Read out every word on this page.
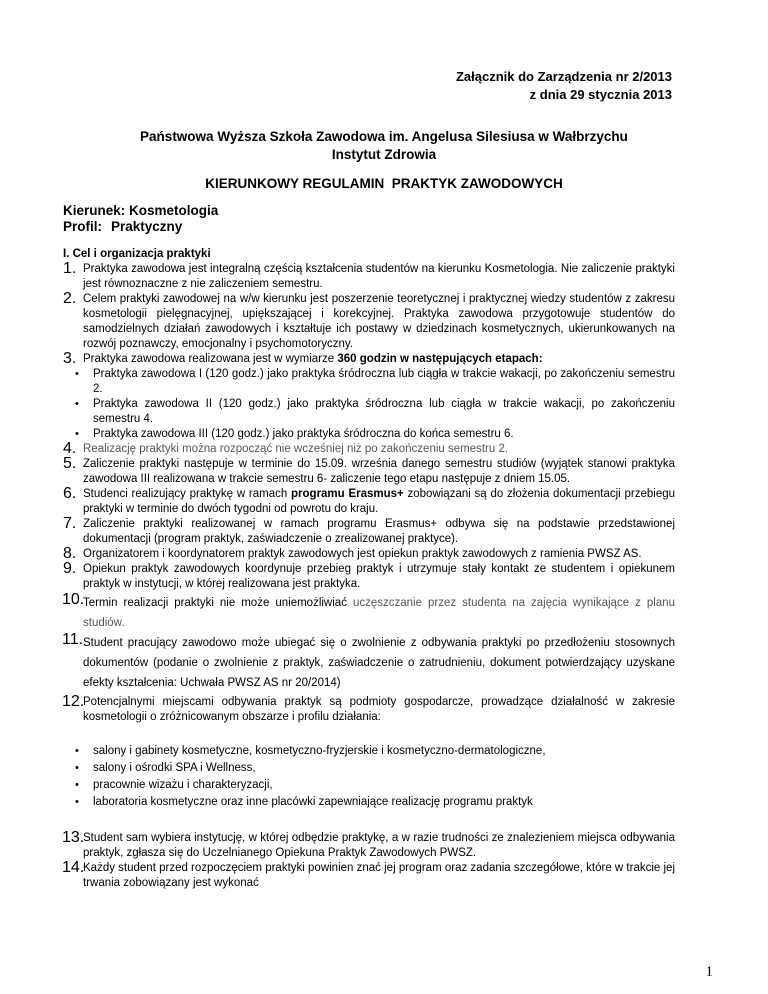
Załącznik do Zarządzenia nr 2/2013
z dnia 29 stycznia 2013
Państwowa Wyższa Szkoła Zawodowa im. Angelusa Silesiusa w Wałbrzychu
Instytut Zdrowia
KIERUNKOWY REGULAMIN  PRAKTYK ZAWODOWYCH
Kierunek: Kosmetologia
Profil: Praktyczny
I. Cel i organizacja praktyki
1. Praktyka zawodowa jest integralną częścią kształcenia studentów na kierunku Kosmetologia. Nie zaliczenie praktyki jest równoznaczne z nie zaliczeniem semestru.
2. Celem praktyki zawodowej na w/w kierunku jest poszerzenie teoretycznej i praktycznej wiedzy studentów z zakresu kosmetologii pielęgnacyjnej, upiększającej i korekcyjnej. Praktyka zawodowa przygotowuje studentów do samodzielnych działań zawodowych i kształtuje ich postawy w dziedzinach kosmetycznych, ukierunkowanych na rozwój poznawczy, emocjonalny i psychomotoryczny.
3. Praktyka zawodowa realizowana jest w wymiarze 360 godzin w następujących etapach:
• Praktyka zawodowa I (120 godz.) jako praktyka śródroczna lub ciągła w trakcie wakacji, po zakończeniu semestru 2.
• Praktyka zawodowa II (120 godz.) jako praktyka śródroczna lub ciągła w trakcie wakacji, po zakończeniu semestru 4.
• Praktyka zawodowa III (120 godz.) jako praktyka śródroczna do końca semestru 6.
4. Realizację praktyki można rozpocząć nie wcześniej niż po zakończeniu semestru 2.
5. Zaliczenie praktyki następuje w terminie do 15.09. września danego semestru studiów (wyjątek stanowi praktyka zawodowa III realizowana w trakcie semestru 6- zaliczenie tego etapu następuje z dniem 15.05.
6. Studenci realizujący praktykę w ramach programu Erasmus+ zobowiązani są do złożenia dokumentacji przebiegu praktyki w terminie do dwóch tygodni od powrotu do kraju.
7. Zaliczenie praktyki realizowanej w ramach programu Erasmus+ odbywa się na podstawie przedstawionej dokumentacji (program praktyk, zaświadczenie o zrealizowanej praktyce).
8. Organizatorem i koordynatorem praktyk zawodowych jest opiekun praktyk zawodowych z ramienia PWSZ AS.
9. Opiekun praktyk zawodowych koordynuje przebieg praktyk i utrzymuje stały kontakt ze studentem i opiekunem praktyk w instytucji, w której realizowana jest praktyka.
10.
Termin realizacji praktyki nie może uniemożliwiać uczęszczanie przez studenta na zajęcia wynikające z planu studiów.
11. Student pracujący zawodowo może ubiegać się o zwolnienie z odbywania praktyki po przedłożeniu stosownych dokumentów (podanie o zwolnienie z praktyk, zaświadczenie o zatrudnieniu, dokument potwierdzający uzyskane efekty kształcenia: Uchwała PWSZ AS nr 20/2014)
12.
Potencjalnymi miejscami odbywania praktyk są podmioty gospodarcze, prowadzące działalność w zakresie kosmetologii o zróżnicowanym obszarze i profilu działania:
• salony i gabinety kosmetyczne, kosmetyczno-fryzjerskie i kosmetyczno-dermatologiczne,
• salony i ośrodki SPA i Wellness,
• pracownie wizażu i charakteryzacji,
• laboratoria kosmetyczne oraz inne placówki zapewniające realizację programu praktyk
13.
Student sam wybiera instytucję, w której odbędzie praktykę, a w razie trudności ze znalezieniem miejsca odbywania praktyk, zgłasza się do Uczelnianego Opiekuna Praktyk Zawodowych PWSZ.
14.
Każdy student przed rozpoczęciem praktyki powinien znać jej program oraz zadania szczegółowe, które w trakcie jej trwania zobowiązany jest wykonać
1
